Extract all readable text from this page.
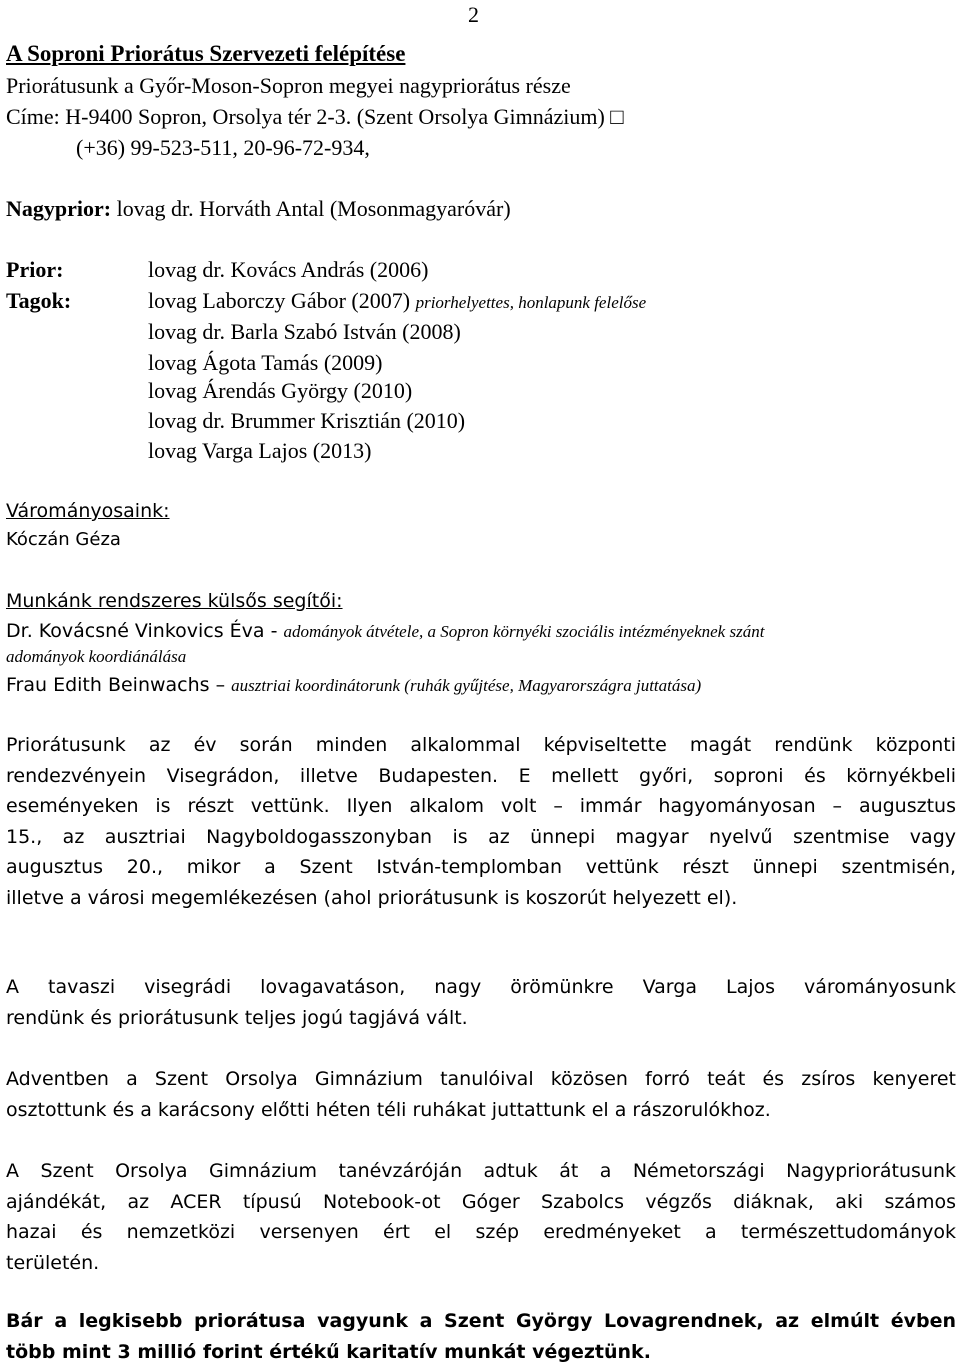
2
A Soproni Priorátus Szervezeti felépítése
Priorátusunk a Győr-Moson-Sopron megyei nagypriorátus része
Címe: H-9400 Sopron, Orsolya tér 2-3. (Szent Orsolya Gimnázium) □
(+36) 99-523-511, 20-96-72-934,
Nagyprior: lovag dr. Horváth Antal (Mosonmagyaróvár)
Prior:	lovag dr. Kovács András (2006)
Tagok:	lovag Laborczy Gábor (2007) priorhelyettes, honlapunk felelőse
lovag dr. Barla Szabó István (2008)
lovag Ágota Tamás (2009)
lovag Árendás György (2010)
lovag dr. Brummer Krisztián (2010)
lovag Varga Lajos (2013)
Várományosaink:
Kóczán Géza
Munkánk rendszeres külsős segítői:
Dr. Kovácsné Vinkovics Éva - adományok átvétele, a Sopron környéki szociális intézményeknek szánt
adományok koordiánálása
Frau Edith Beinwachs – ausztriai koordinátorunk (ruhák gyűjtése, Magyarországra juttatása)
Priorátusunk az év során minden alkalommal képviseltette magát rendünk központi
rendezvényein Visegrádon, illetve Budapesten. E mellett győri, soproni és környékbeli
eseményeken is részt vettünk. Ilyen alkalom volt – immár hagyományosan – augusztus
15., az ausztriai Nagyboldogasszonyban is az ünnepi magyar nyelvű szentmise vagy
augusztus 20., mikor a Szent István-templomban vettünk részt ünnepi szentmisén,
illetve a városi megemlékezésen (ahol priorátusunk is koszorút helyezett el).
A tavaszi visegrádi lovagavatáson, nagy örömünkre Varga Lajos várományosunk
rendünk és priorátusunk teljes jogú tagjává vált.
Adventben a Szent Orsolya Gimnázium tanulóival közösen forró teát és zsíros kenyeret
osztottunk és a karácsony előtti héten téli ruhákat juttattunk el a rászorulókhoz.
A Szent Orsolya Gimnázium tanévzáróján adtuk át a Németországi Nagypriorátusunk
ajándékát, az ACER típusú Notebook-ot Góger Szabolcs végzős diáknak, aki számos
hazai és nemzetközi versenyen ért el szép eredményeket a természettudományok
területén.
Bár a legkisebb priorátusa vagyunk a Szent György Lovagrendnek, az elmúlt évben
több mint 3 millió forint értékű karitatív munkát végeztünk.
